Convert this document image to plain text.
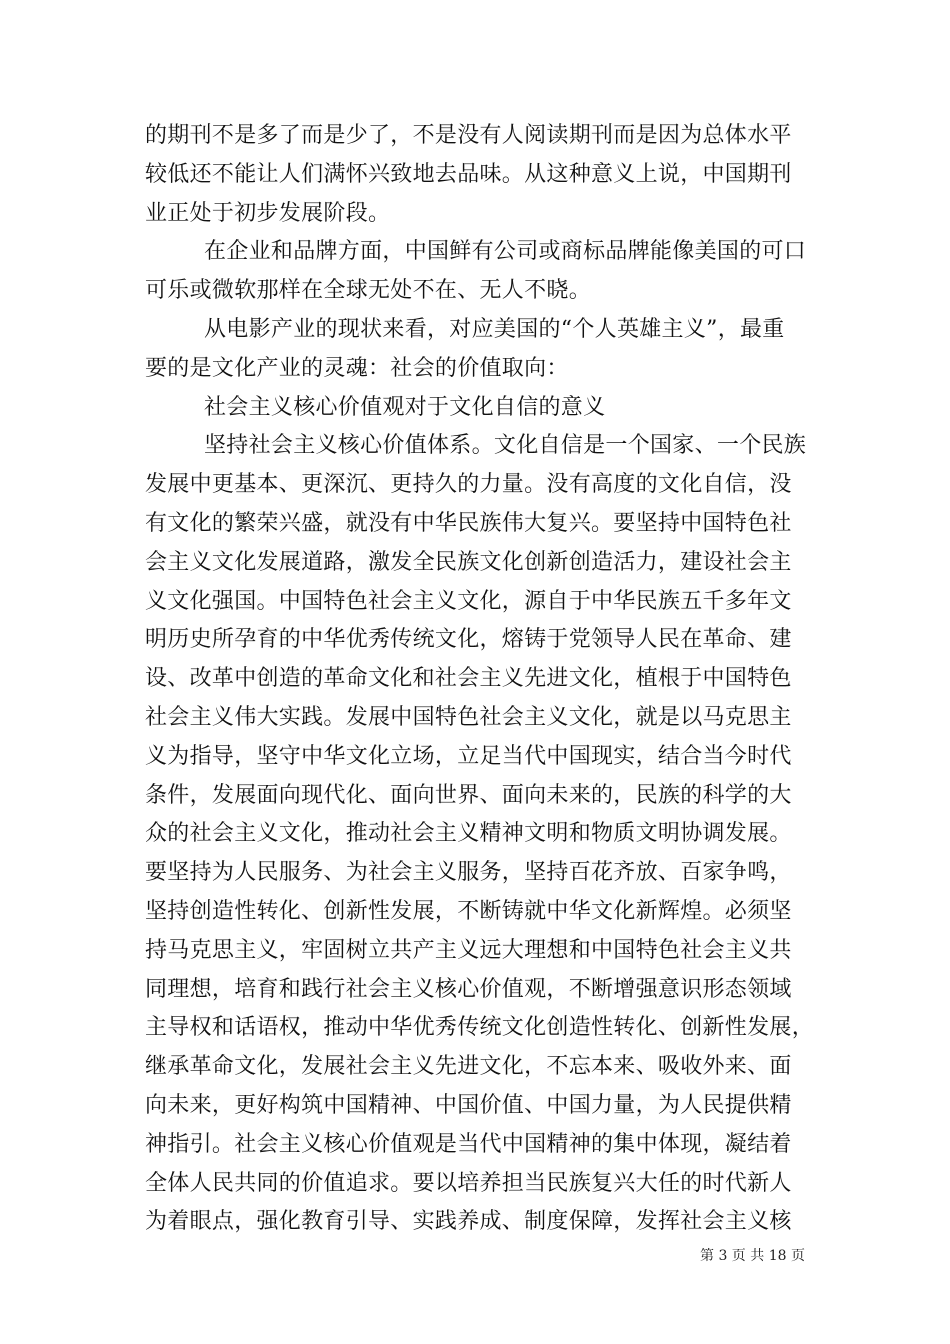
的期刊不是多了而是少了，不是没有人阅读期刊而是因为总体水平
较低还不能让人们满怀兴致地去品味。从这种意义上说，中国期刊
业正处于初步发展阶段。
在企业和品牌方面，中国鲜有公司或商标品牌能像美国的可口
可乐或微软那样在全球无处不在、无人不晓。
从电影产业的现状来看，对应美国的“个人英雄主义”，最重
要的是文化产业的灵魂：社会的价值取向：
社会主义核心价值观对于文化自信的意义
坚持社会主义核心价值体系。文化自信是一个国家、一个民族
发展中更基本、更深沉、更持久的力量。没有高度的文化自信，没
有文化的繁荣兴盛，就没有中华民族伟大复兴。要坚持中国特色社
会主义文化发展道路，激发全民族文化创新创造活力，建设社会主
义文化强国。中国特色社会主义文化，源自于中华民族五千多年文
明历史所孕育的中华优秀传统文化，熔铸于党领导人民在革命、建
设、改革中创造的革命文化和社会主义先进文化，植根于中国特色
社会主义伟大实践。发展中国特色社会主义文化，就是以马克思主
义为指导，坚守中华文化立场，立足当代中国现实，结合当今时代
条件，发展面向现代化、面向世界、面向未来的，民族的科学的大
众的社会主义文化，推动社会主义精神文明和物质文明协调发展。
要坚持为人民服务、为社会主义服务，坚持百花齐放、百家争鸣，
坚持创造性转化、创新性发展，不断铸就中华文化新辉煌。必须坚
持马克思主义，牢固树立共产主义远大理想和中国特色社会主义共
同理想，培育和践行社会主义核心价值观，不断增强意识形态领域
主导权和话语权，推动中华优秀传统文化创造性转化、创新性发展，
继承革命文化，发展社会主义先进文化，不忘本来、吸收外来、面
向未来，更好构筑中国精神、中国价值、中国力量，为人民提供精
神指引。社会主义核心价值观是当代中国精神的集中体现，凝结着
全体人民共同的价值追求。要以培养担当民族复兴大任的时代新人
为着眼点，强化教育引导、实践养成、制度保障，发挥社会主义核
第 3 页 共 18 页
